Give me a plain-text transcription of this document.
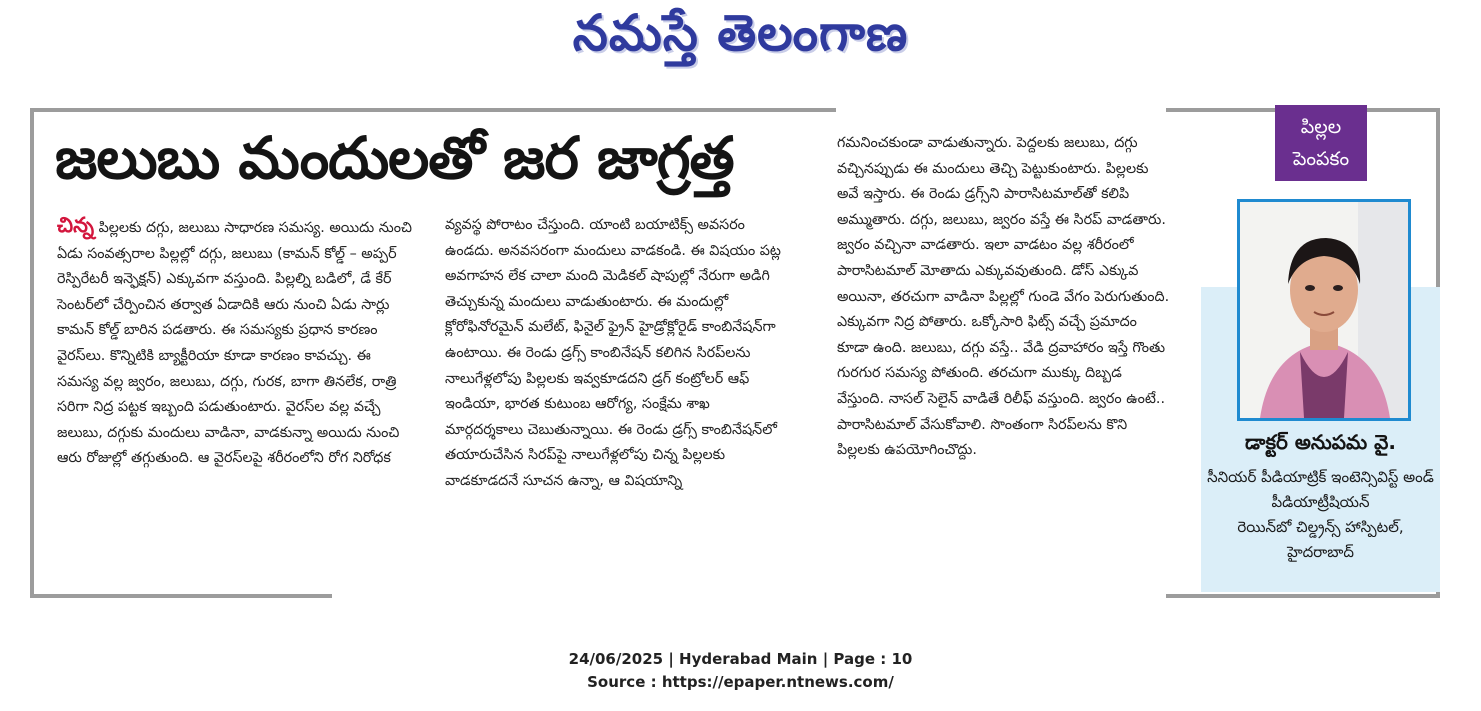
నమస్తే తెలంగాణ
జలుబు మందులతో జర జాగ్రత్త

చిన్న పిల్లలకు దగ్గు, జలుబు సాధారణ సమస్య. అయిదు నుంచి ఏడు సంవత్సరాల పిల్లల్లో దగ్గు, జలుబు (కామన్ కోల్డ్ – అప్పర్ రెస్పిరేటరీ ఇన్ఫెక్షన్) ఎక్కువగా వస్తుంది. పిల్లల్ని బడిలో, డే కేర్ సెంటర్‌లో చేర్పించిన తర్వాత ఏడాదికి ఆరు నుంచి ఏడు సార్లు కామన్ కోల్డ్ బారిన పడతారు. ఈ సమస్యకు ప్రధాన కారణం వైరస్‌లు. కొన్నిటికి బ్యాక్టీరియా కూడా కారణం కావచ్చు. ఈ సమస్య వల్ల జ్వరం, జలుబు, దగ్గు, గురక, బాగా తినలేక, రాత్రి సరిగా నిద్ర పట్టక ఇబ్బంది పడుతుంటారు. వైరస్‌ల వల్ల వచ్చే జలుబు, దగ్గుకు మందులు వాడినా, వాడకున్నా అయిదు నుంచి ఆరు రోజుల్లో తగ్గుతుంది. ఆ వైరస్‌లపై శరీరంలోని రోగ నిరోధక

వ్యవస్థ పోరాటం చేస్తుంది. యాంటి బయాటిక్స్ అవసరం ఉండదు. అనవసరంగా మందులు వాడకండి. ఈ విషయం పట్ల అవగాహన లేక చాలా మంది మెడికల్ షాపుల్లో నేరుగా అడిగి తెచ్చుకున్న మందులు వాడుతుంటారు. ఈ మందుల్లో క్లోరోఫినోరమైన్ మలేట్, ఫినైల్ ఫ్రైన్ హైడ్రోక్లోరైడ్ కాంబినేషన్‌గా ఉంటాయి. ఈ రెండు డ్రగ్స్ కాంబినేషన్ కలిగిన సిరప్‌లను నాలుగేళ్లలోపు పిల్లలకు ఇవ్వకూడదని డ్రగ్ కంట్రోలర్ ఆఫ్ ఇండియా, భారత కుటుంబ ఆరోగ్య, సంక్షేమ శాఖ మార్గదర్శకాలు చెబుతున్నాయి. ఈ రెండు డ్రగ్స్ కాంబినేషన్‌లో తయారుచేసిన సిరప్‌పై నాలుగేళ్లలోపు చిన్న పిల్లలకు వాడకూడదనే సూచన ఉన్నా, ఆ విషయాన్ని

గమనించకుండా వాడుతున్నారు. పెద్దలకు జలుబు, దగ్గు వచ్చినప్పుడు ఈ మందులు తెచ్చి పెట్టుకుంటారు. పిల్లలకు అవే ఇస్తారు. ఈ రెండు డ్రగ్స్‌ని పారాసిటమాల్‌తో కలిపి అమ్ముతారు. దగ్గు, జలుబు, జ్వరం వస్తే ఈ సిరప్ వాడతారు. జ్వరం వచ్చినా వాడతారు. ఇలా వాడటం వల్ల శరీరంలో పారాసిటమాల్ మోతాదు ఎక్కువవుతుంది. డోస్ ఎక్కువ అయినా, తరచుగా వాడినా పిల్లల్లో గుండె వేగం పెరుగుతుంది. ఎక్కువగా నిద్ర పోతారు. ఒక్కోసారి ఫిట్స్ వచ్చే ప్రమాదం కూడా ఉంది. జలుబు, దగ్గు వస్తే.. వేడి ద్రవాహారం ఇస్తే గొంతు గురగుర సమస్య పోతుంది. తరచుగా ముక్కు దిబ్బడ వేస్తుంది. నాసల్ సెలైన్ వాడితే రిలీఫ్ వస్తుంది. జ్వరం ఉంటే.. పారాసిటమాల్ వేసుకోవాలి. సొంతంగా సిరప్‌లను కొని పిల్లలకు ఉపయోగించొద్దు.

పిల్లల
పెంపకం
డాక్టర్ అనుపమ వై.
సీనియర్ పీడియాట్రిక్ ఇంటెన్సివిస్ట్ అండ్ పీడియాట్రీషియన్
రెయిన్‌బో చిల్డ్రన్స్ హాస్పిటల్,
హైదరాబాద్
24/06/2025 | Hyderabad Main | Page : 10
Source : https://epaper.ntnews.com/
